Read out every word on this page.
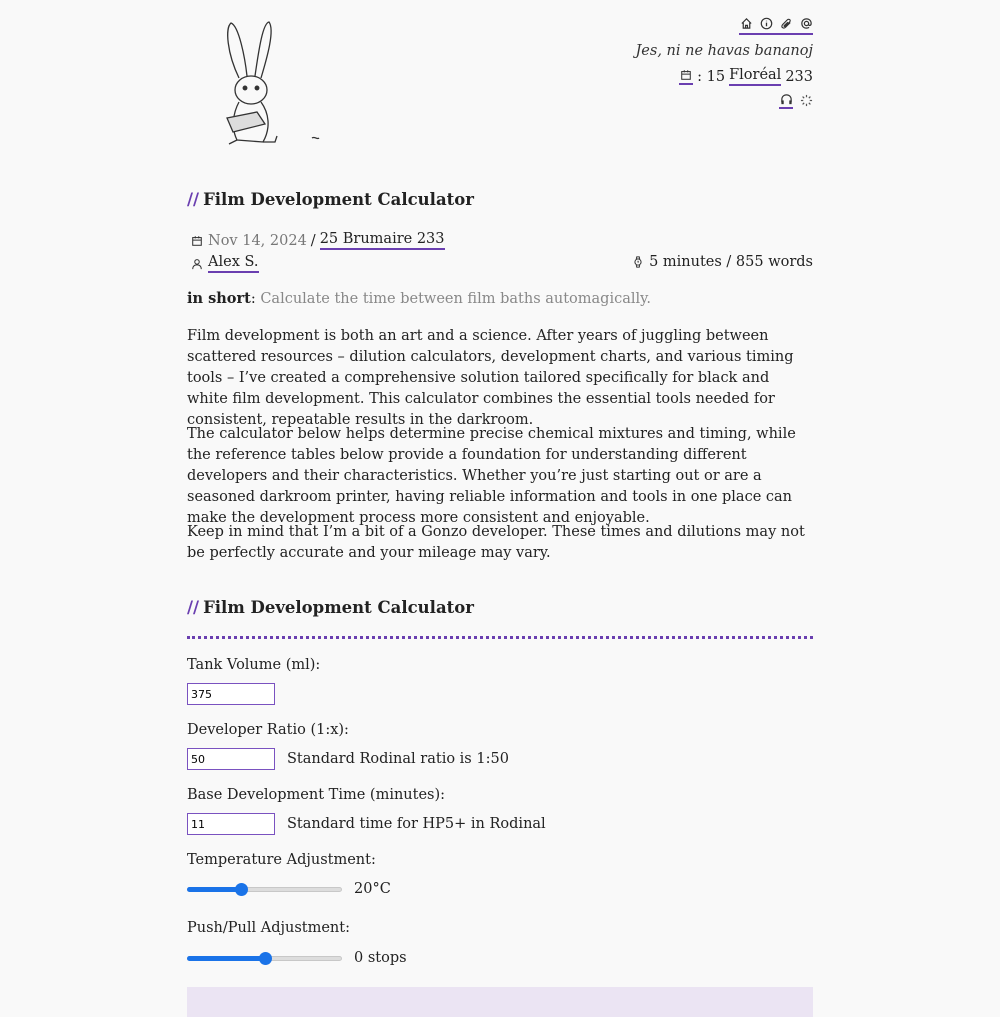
Jes, ni ne havas bananoj
: 15 Floréal 233
// Film Development Calculator
Nov 14, 2024 / 25 Brumaire 233
Alex S.	5 minutes / 855 words
in short: Calculate the time between film baths automagically.

Film development is both an art and a science. After years of juggling between scattered resources – dilution calculators, development charts, and various timing tools – I’ve created a comprehensive solution tailored specifically for black and white film development. This calculator combines the essential tools needed for consistent, repeatable results in the darkroom.

The calculator below helps determine precise chemical mixtures and timing, while the reference tables below provide a foundation for understanding different developers and their characteristics. Whether you’re just starting out or are a seasoned darkroom printer, having reliable information and tools in one place can make the development process more consistent and enjoyable.

Keep in mind that I’m a bit of a Gonzo developer. These times and dilutions may not be perfectly accurate and your mileage may vary.

// Film Development Calculator
Tank Volume (ml):
375
Developer Ratio (1:x):
50
Standard Rodinal ratio is 1:50
Base Development Time (minutes):
11
Standard time for HP5+ in Rodinal
Temperature Adjustment:
20°C
Push/Pull Adjustment:
0 stops
